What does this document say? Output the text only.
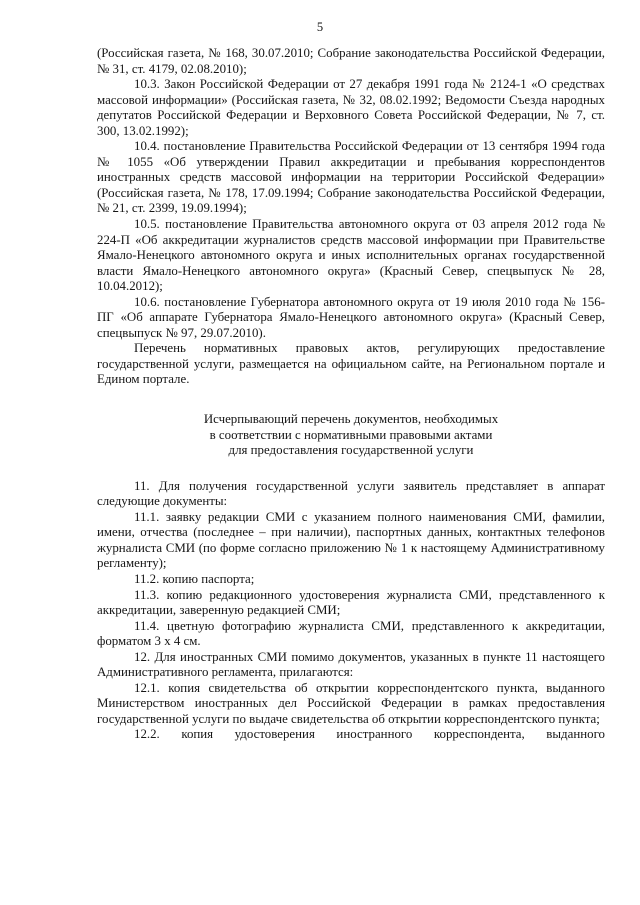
5

(Российская газета, № 168, 30.07.2010; Собрание законодательства Российской Федерации, № 31, ст. 4179, 02.08.2010);

10.3. Закон Российской Федерации от 27 декабря 1991 года № 2124-1 «О средствах массовой информации» (Российская газета, № 32, 08.02.1992; Ведомости Съезда народных депутатов Российской Федерации и Верховного Совета Российской Федерации, № 7, ст. 300, 13.02.1992);

10.4. постановление Правительства Российской Федерации от 13 сентября 1994 года № 1055 «Об утверждении Правил аккредитации и пребывания корреспондентов иностранных средств массовой информации на территории Российской Федерации» (Российская газета, № 178, 17.09.1994; Собрание законодательства Российской Федерации, № 21, ст. 2399, 19.09.1994);

10.5. постановление Правительства автономного округа от 03 апреля 2012 года № 224-П «Об аккредитации журналистов средств массовой информации при Правительстве Ямало-Ненецкого автономного округа и иных исполнительных органах государственной власти Ямало-Ненецкого автономного округа» (Красный Север, спецвыпуск № 28, 10.04.2012);

10.6. постановление Губернатора автономного округа от 19 июля 2010 года № 156-ПГ «Об аппарате Губернатора Ямало-Ненецкого автономного округа» (Красный Север, спецвыпуск № 97, 29.07.2010).

Перечень нормативных правовых актов, регулирующих предоставление государственной услуги, размещается на официальном сайте, на Региональном портале и Едином портале.

Исчерпывающий перечень документов, необходимых
в соответствии с нормативными правовыми актами
для предоставления государственной услуги

11. Для получения государственной услуги заявитель представляет в аппарат следующие документы:

11.1. заявку редакции СМИ с указанием полного наименования СМИ, фамилии, имени, отчества (последнее – при наличии), паспортных данных, контактных телефонов журналиста СМИ (по форме согласно приложению № 1 к настоящему Административному регламенту);

11.2. копию паспорта;

11.3. копию редакционного удостоверения журналиста СМИ, представленного к аккредитации, заверенную редакцией СМИ;

11.4. цветную фотографию журналиста СМИ, представленного к аккредитации, форматом 3 х 4 см.

12. Для иностранных СМИ помимо документов, указанных в пункте 11 настоящего Административного регламента, прилагаются:

12.1. копия свидетельства об открытии корреспондентского пункта, выданного Министерством иностранных дел Российской Федерации в рамках предоставления государственной услуги по выдаче свидетельства об открытии корреспондентского пункта;

12.2. копия удостоверения иностранного корреспондента, выданного
